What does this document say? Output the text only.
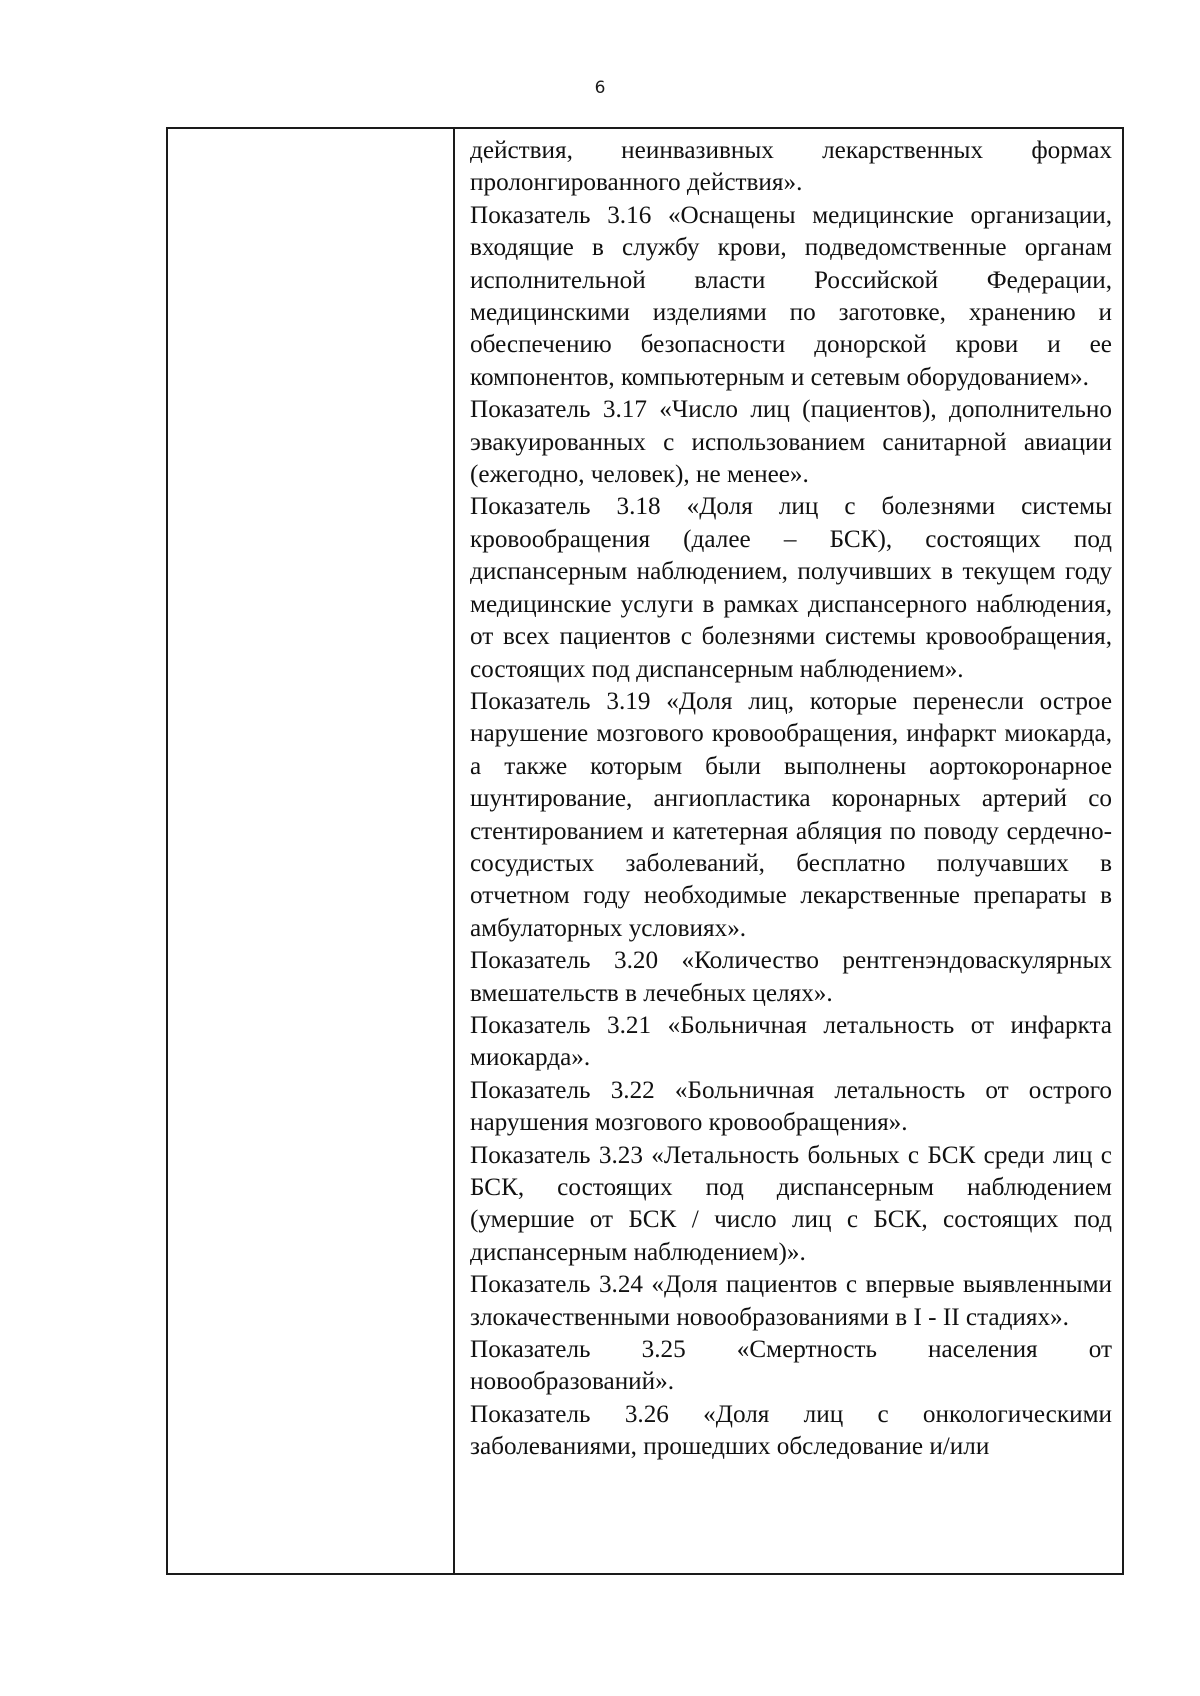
6

действия, неинвазивных лекарственных формах пролонгированного действия».

Показатель 3.16 «Оснащены медицинские организации, входящие в службу крови, подведомственные органам исполнительной власти Российской Федерации, медицинскими изделиями по заготовке, хранению и обеспечению безопасности донорской крови и ее компонентов, компьютерным и сетевым оборудованием».

Показатель 3.17 «Число лиц (пациентов), дополнительно эвакуированных с использованием санитарной авиации (ежегодно, человек), не менее».

Показатель 3.18 «Доля лиц с болезнями системы кровообращения (далее – БСК), состоящих под диспансерным наблюдением, получивших в текущем году медицинские услуги в рамках диспансерного наблюдения, от всех пациентов с болезнями системы кровообращения, состоящих под диспансерным наблюдением».

Показатель 3.19 «Доля лиц, которые перенесли острое нарушение мозгового кровообращения, инфаркт миокарда, а также которым были выполнены аортокоронарное шунтирование, ангиопластика коронарных артерий со стентированием и катетерная абляция по поводу сердечно-сосудистых заболеваний, бесплатно получавших в отчетном году необходимые лекарственные препараты в амбулаторных условиях».

Показатель 3.20 «Количество рентгенэндоваскулярных вмешательств в лечебных целях».

Показатель 3.21 «Больничная летальность от инфаркта миокарда».

Показатель 3.22 «Больничная летальность от острого нарушения мозгового кровообращения».

Показатель 3.23 «Летальность больных с БСК среди лиц с БСК, состоящих под диспансерным наблюдением (умершие от БСК / число лиц с БСК, состоящих под диспансерным наблюдением)».

Показатель 3.24 «Доля пациентов с впервые выявленными злокачественными новообразованиями в I - II стадиях».

Показатель 3.25 «Смертность населения от новообразований».

Показатель 3.26 «Доля лиц с онкологическими заболеваниями, прошедших обследование и/или
